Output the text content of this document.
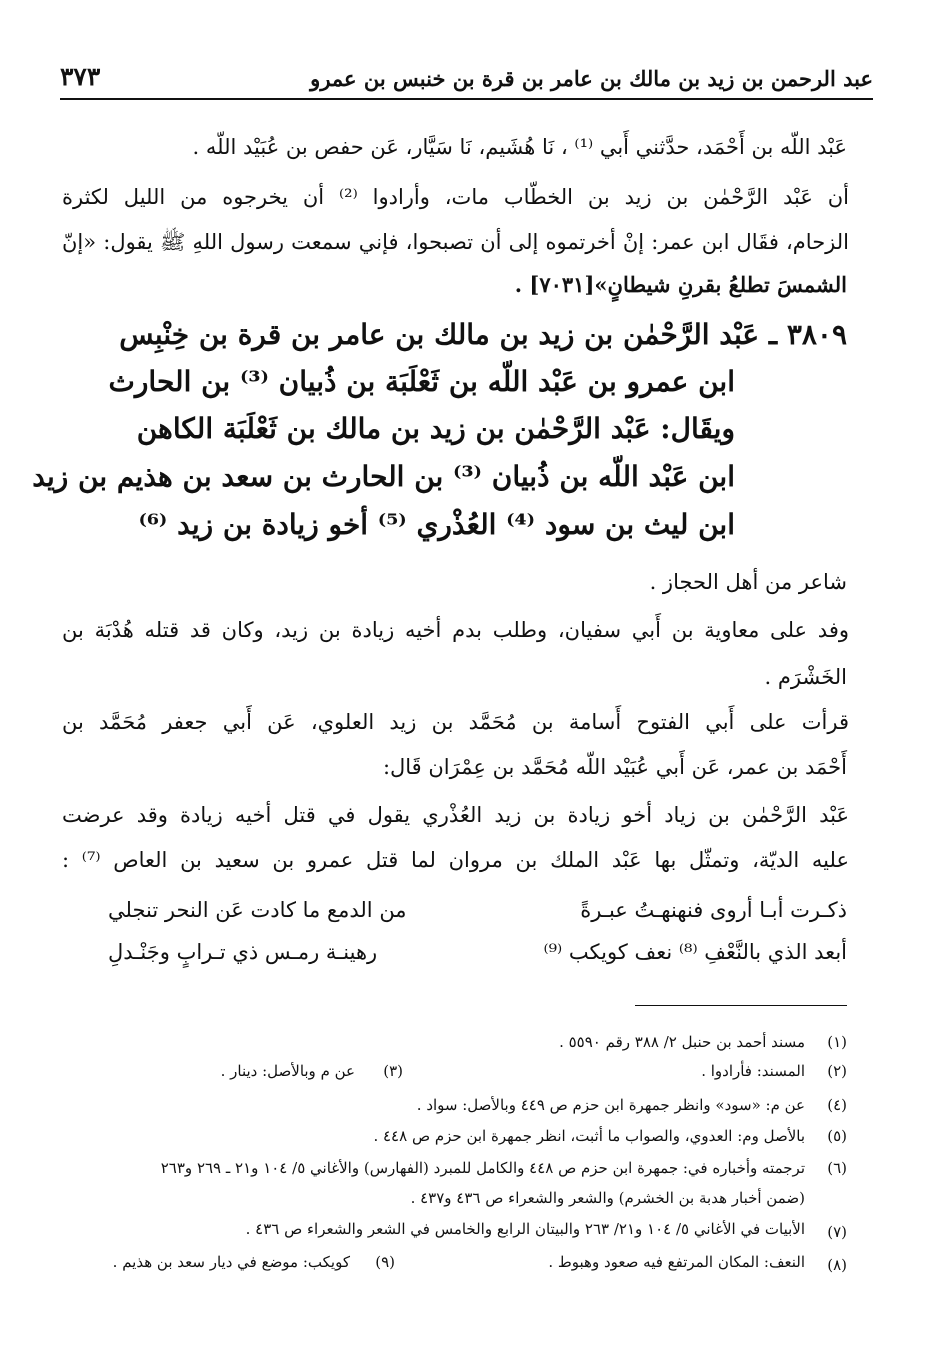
عبد الرحمن بن زيد بن مالك بن عامر بن قرة بن خنبس بن عمرو
٣٧٣
عَبْد اللّه بن أَحْمَد، حدَّثني أَبي ⁽¹⁾ ، نَا هُشَيم، نَا سَيَّار، عَن حفص بن عُبَيْد اللّه .
أن عَبْد الرَّحْمٰن بن زيد بن الخطّاب مات، وأرادوا ⁽²⁾ أن يخرجوه من الليل لكثرة
الزحام، فقَال ابن عمر: إنْ أخرتموه إلى أن تصبحوا، فإني سمعت رسول اللهِ ﷺ يقول: «إنّ
الشمسَ تطلعُ بقرنِ شيطانٍ»[٧٠٣١] .
٣٨٠٩ ـ عَبْد الرَّحْمٰن بن زيد بن مالك بن عامر بن قرة بن خِنْبِس
ابن عمرو بن عَبْد اللّه بن ثَعْلَبَة بن ذُبيان ⁽³⁾ بن الحارث
ويقَال: عَبْد الرَّحْمٰن بن زيد بن مالك بن ثَعْلَبَة الكاهن
ابن عَبْد اللّه بن ذُبيان ⁽³⁾ بن الحارث بن سعد بن هذيم بن زيد
ابن ليث بن سود ⁽⁴⁾ العُذْري ⁽⁵⁾ أخو زيادة بن زيد ⁽⁶⁾
شاعر من أهل الحجاز .
وفد على معاوية بن أَبي سفيان، وطلب بدم أخيه زيادة بن زيد، وكان قد قتله هُدْبَة بن
الخَشْرَم .
قرأت على أَبي الفتوح أَسامة بن مُحَمَّد بن زيد العلوي، عَن أَبي جعفر مُحَمَّد بن
أَحْمَد بن عمر، عَن أَبي عُبَيْد اللّه مُحَمَّد بن عِمْرَان قَال:
عَبْد الرَّحْمٰن بن زياد أخو زيادة بن زيد العُذْري يقول في قتل أخيه زيادة وقد عرضت
عليه الديّة، وتمثّل بها عَبْد الملك بن مروان لما قتل عمرو بن سعيد بن العاص ⁽⁷⁾ :
ذكـرت أبـا أروى فنهنهـتُ عبـرةً
من الدمع ما كادت عَن النحر تنجلي
أبعد الذي بالنَّعْفِ ⁽⁸⁾ نعف كويكب ⁽⁹⁾
رهينـة رمـس ذي تـرابٍ وجَنْـدلِ
(١)
مسند أحمد بن حنبل ٢/ ٣٨٨ رقم ٥٥٩٠ .
(٢)
المسند: فأرادوا .
(٣)
عن م وبالأصل: دينار .
(٤)
عن م: «سود» وانظر جمهرة ابن حزم ص ٤٤٩ وبالأصل: سواد .
(٥)
بالأصل وم: العدوي، والصواب ما أثبت، انظر جمهرة ابن حزم ص ٤٤٨ .
(٦)
ترجمته وأخباره في: جمهرة ابن حزم ص ٤٤٨ والكامل للمبرد (الفهارس) والأغاني ٥/ ١٠٤ و٢١ ـ ٢٦٩ و٢٦٣
(ضمن أخبار هدبة بن الخشرم) والشعر والشعراء ص ٤٣٦ و٤٣٧ .
(٧)
الأبيات في الأغاني ٥/ ١٠٤ و٢١/ ٢٦٣ والبيتان الرابع والخامس في الشعر والشعراء ص ٤٣٦ .
(٨)
النعف: المكان المرتفع فيه صعود وهبوط .
(٩)
كويكب: موضع في ديار سعد بن هذيم .
